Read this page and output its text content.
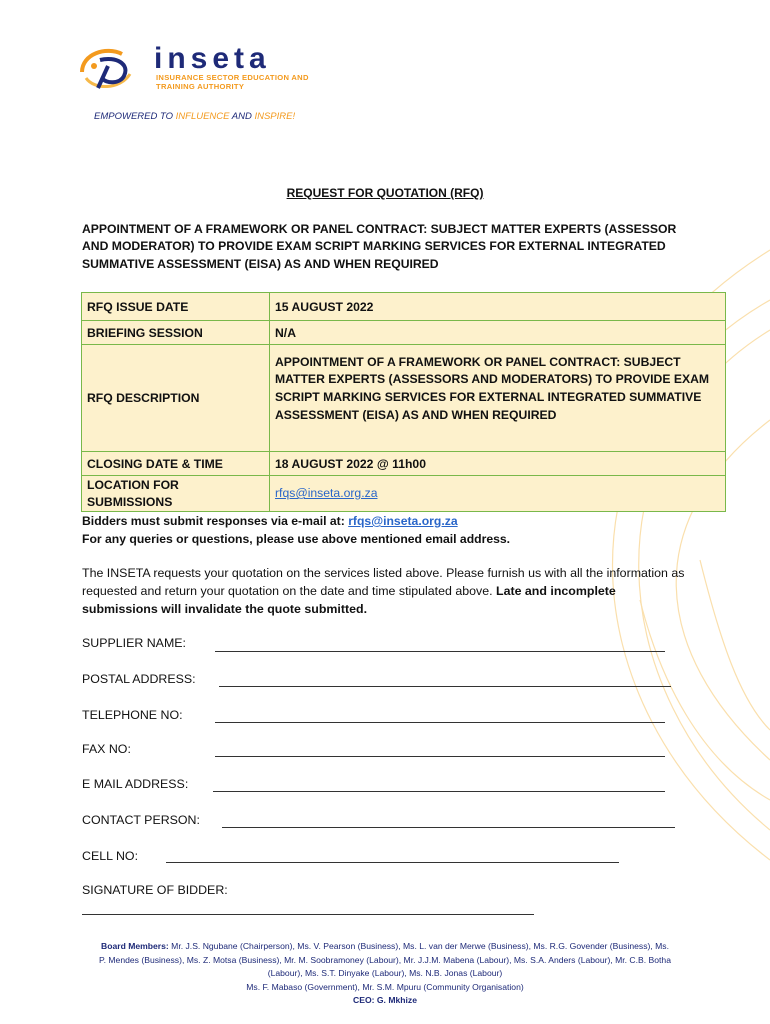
inseta
INSURANCE SECTOR EDUCATION AND TRAINING AUTHORITY
EMPOWERED TO INFLUENCE AND INSPIRE!
REQUEST FOR QUOTATION (RFQ)
APPOINTMENT OF A FRAMEWORK OR PANEL CONTRACT: SUBJECT MATTER EXPERTS (ASSESSOR AND MODERATOR) TO PROVIDE EXAM SCRIPT MARKING SERVICES FOR EXTERNAL INTEGRATED SUMMATIVE ASSESSMENT (EISA) AS AND WHEN REQUIRED
RFQ ISSUE DATE	15 AUGUST 2022
BRIEFING SESSION	N/A
RFQ DESCRIPTION	APPOINTMENT OF A FRAMEWORK OR PANEL CONTRACT: SUBJECT MATTER EXPERTS (ASSESSORS AND MODERATORS) TO PROVIDE EXAM SCRIPT MARKING SERVICES FOR EXTERNAL INTEGRATED SUMMATIVE ASSESSMENT (EISA) AS AND WHEN REQUIRED

CLOSING DATE & TIME	18 AUGUST 2022 @ 11h00
LOCATION FOR SUBMISSIONS	rfqs@inseta.org.za
Bidders must submit responses via e-mail at: rfqs@inseta.org.za
For any queries or questions, please use above mentioned email address.
The INSETA requests your quotation on the services listed above. Please furnish us with all the information as requested and return your quotation on the date and time stipulated above. Late and incomplete submissions will invalidate the quote submitted.
SUPPLIER NAME:
POSTAL ADDRESS:
TELEPHONE NO:
FAX NO:
E MAIL ADDRESS:
CONTACT PERSON:
CELL NO:
SIGNATURE OF BIDDER:
Board Members: Mr. J.S. Ngubane (Chairperson), Ms. V. Pearson (Business), Ms. L. van der Merwe (Business), Ms. R.G. Govender (Business), Ms.
P. Mendes (Business), Ms. Z. Motsa (Business), Mr. M. Soobramoney (Labour), Mr. J.J.M. Mabena (Labour), Ms. S.A. Anders (Labour), Mr. C.B. Botha
(Labour), Ms. S.T. Dinyake (Labour), Ms. N.B. Jonas (Labour)
Ms. F. Mabaso (Government), Mr. S.M. Mpuru (Community Organisation)
CEO: G. Mkhize
